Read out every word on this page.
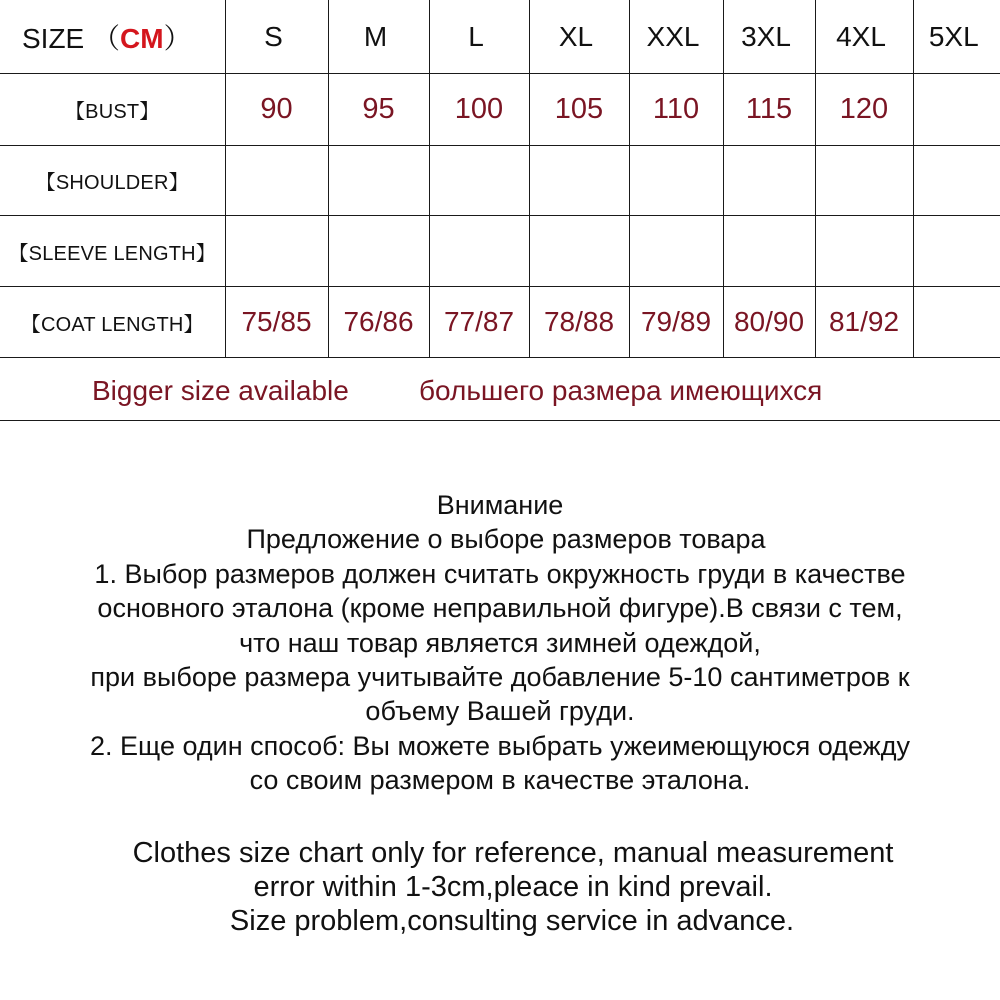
SIZE （CM）	S	M	L	XL	XXL	3XL	4XL	5XL
【BUST】	90	95	100	105	110	115	120	
【SHOULDER】								
【SLEEVE LENGTH】								
【COAT LENGTH】	75/85	76/86	77/87	78/88	79/89	80/90	81/92	
Bigger size available	большего размера имеющихся
Внимание
Предложение о выборе размеров товара
1. Выбор размеров должен считать окружность груди в качестве
основного эталона (кроме неправильной фигуре).В связи с тем,
что наш товар является зимней одеждой,
при выборе размера учитывайте добавление 5-10 сантиметров к
объему Вашей груди.
2. Еще один способ: Вы можете выбрать ужеимеющуюся одежду
со своим размером в качестве эталона.
Clothes size chart only for reference, manual measurement
error within 1-3cm,pleace in kind prevail.
Size problem,consulting service in advance.
